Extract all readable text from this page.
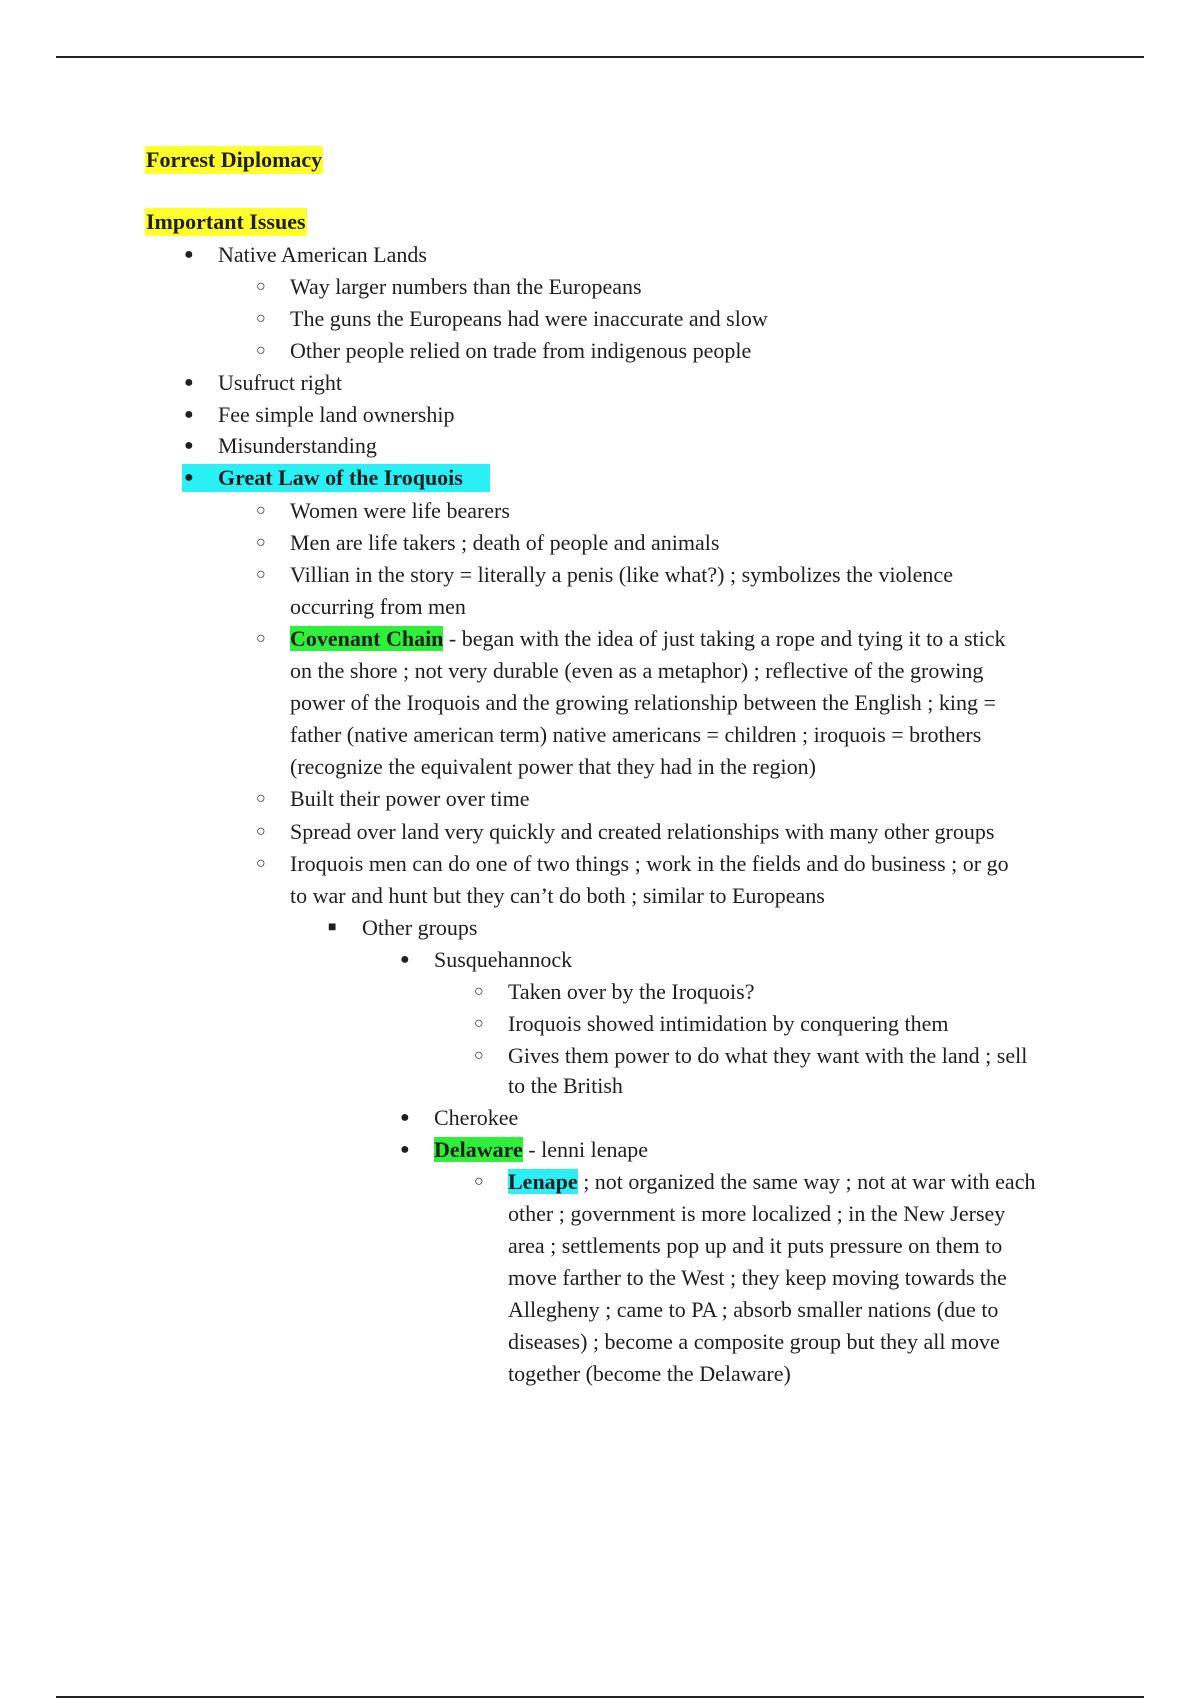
Forrest Diplomacy
Important Issues
● Native American Lands
○ Way larger numbers than the Europeans
○ The guns the Europeans had were inaccurate and slow
○ Other people relied on trade from indigenous people
● Usufruct right
● Fee simple land ownership
● Misunderstanding
● Great Law of the Iroquois
○ Women were life bearers
○ Men are life takers ; death of people and animals
○ Villian in the story = literally a penis (like what?) ; symbolizes the violence
occurring from men
○ Covenant Chain - began with the idea of just taking a rope and tying it to a stick
on the shore ; not very durable (even as a metaphor) ; reflective of the growing
power of the Iroquois and the growing relationship between the English ; king =
father (native american term) native americans = children ; iroquois = brothers
(recognize the equivalent power that they had in the region)
○ Built their power over time
○ Spread over land very quickly and created relationships with many other groups
○ Iroquois men can do one of two things ; work in the fields and do business ; or go
to war and hunt but they can’t do both ; similar to Europeans
■ Other groups
● Susquehannock
○ Taken over by the Iroquois?
○ Iroquois showed intimidation by conquering them
○ Gives them power to do what they want with the land ; sell
to the British
● Cherokee
● Delaware - lenni lenape
○ Lenape ; not organized the same way ; not at war with each
other ; government is more localized ; in the New Jersey
area ; settlements pop up and it puts pressure on them to
move farther to the West ; they keep moving towards the
Allegheny ; came to PA ; absorb smaller nations (due to
diseases) ; become a composite group but they all move
together (become the Delaware)
